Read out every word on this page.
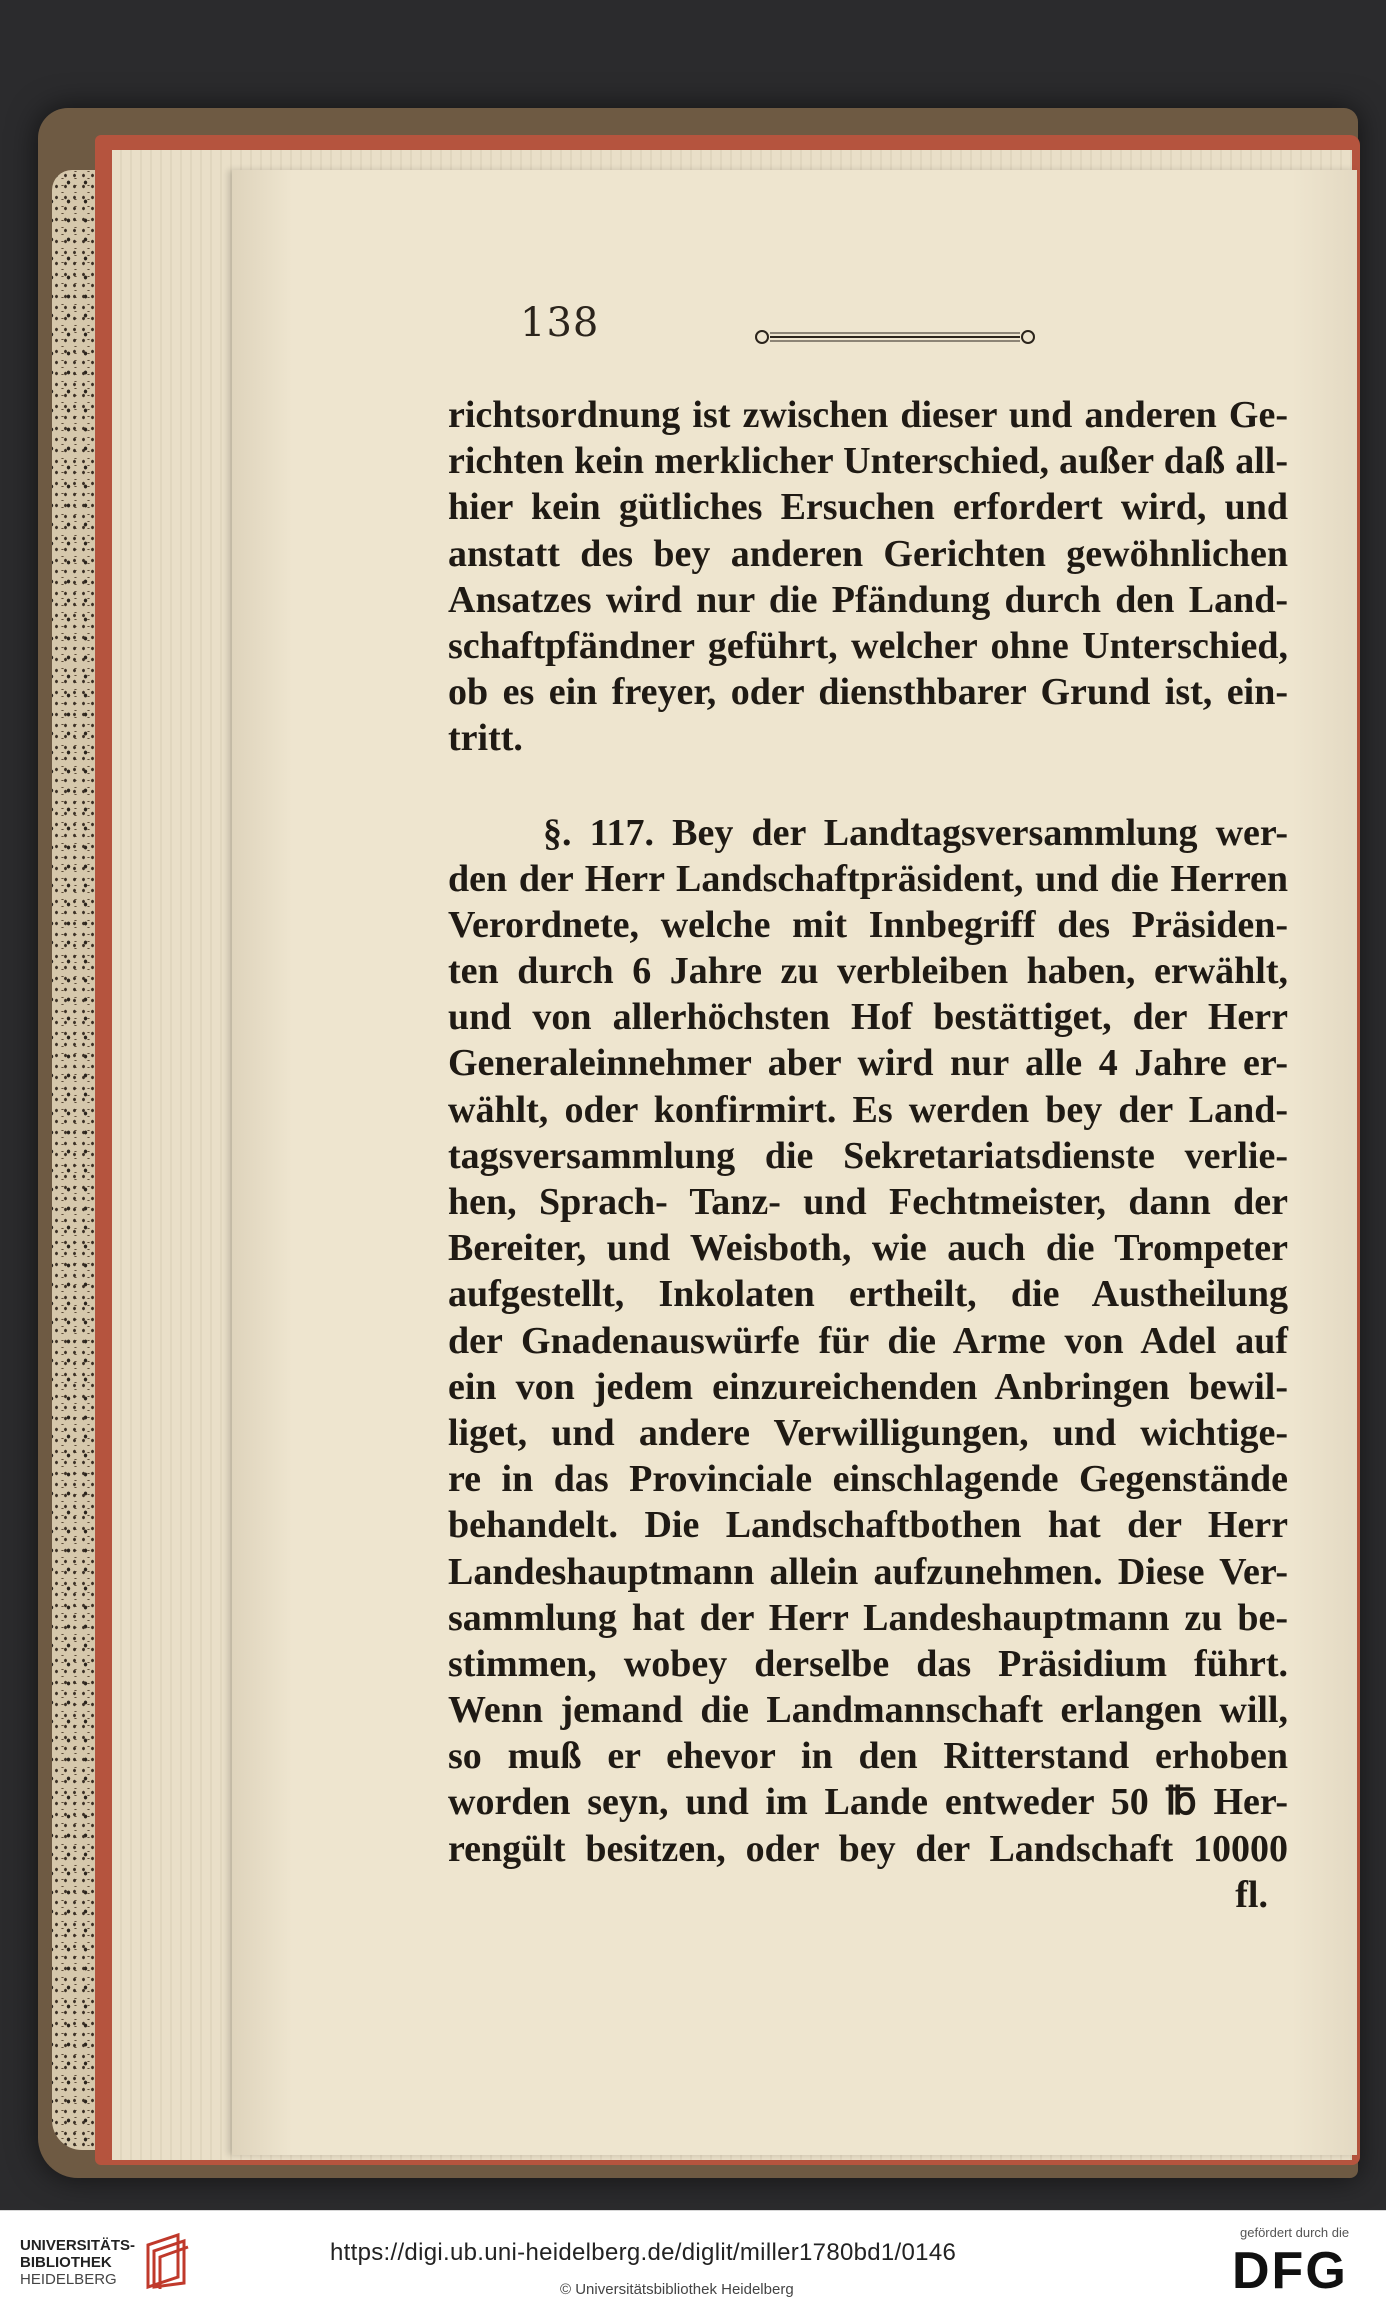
138
richtsordnung ist zwischen dieser und anderen Ge-
richten kein merklicher Unterschied, außer daß all-
hier kein gütliches Ersuchen erfordert wird, und
anstatt des bey anderen Gerichten gewöhnlichen
Ansatzes wird nur die Pfändung durch den Land-
schaftpfändner geführt, welcher ohne Unterschied,
ob es ein freyer, oder diensthbarer Grund ist, ein-
tritt.
§. 117. Bey der Landtagsversammlung wer-
den der Herr Landschaftpräsident, und die Herren
Verordnete, welche mit Innbegriff des Präsiden-
ten durch 6 Jahre zu verbleiben haben, erwählt,
und von allerhöchsten Hof bestättiget, der Herr
Generaleinnehmer aber wird nur alle 4 Jahre er-
wählt, oder konfirmirt. Es werden bey der Land-
tagsversammlung die Sekretariatsdienste verlie-
hen, Sprach- Tanz- und Fechtmeister, dann der
Bereiter, und Weisboth, wie auch die Trompeter
aufgestellt, Inkolaten ertheilt, die Austheilung
der Gnadenauswürfe für die Arme von Adel auf
ein von jedem einzureichenden Anbringen bewil-
liget, und andere Verwilligungen, und wichtige-
re in das Provinciale einschlagende Gegenstände
behandelt. Die Landschaftbothen hat der Herr
Landeshauptmann allein aufzunehmen. Diese Ver-
sammlung hat der Herr Landeshauptmann zu be-
stimmen, wobey derselbe das Präsidium führt.
Wenn jemand die Landmannschaft erlangen will,
so muß er ehevor in den Ritterstand erhoben
worden seyn, und im Lande entweder 50 ℔ Her-
rengült besitzen, oder bey der Landschaft 10000
fl.
UNIVERSITÄTS-
BIBLIOTHEK
HEIDELBERG
https://digi.ub.uni-heidelberg.de/diglit/miller1780bd1/0146
© Universitätsbibliothek Heidelberg
gefördert durch die
DFG
